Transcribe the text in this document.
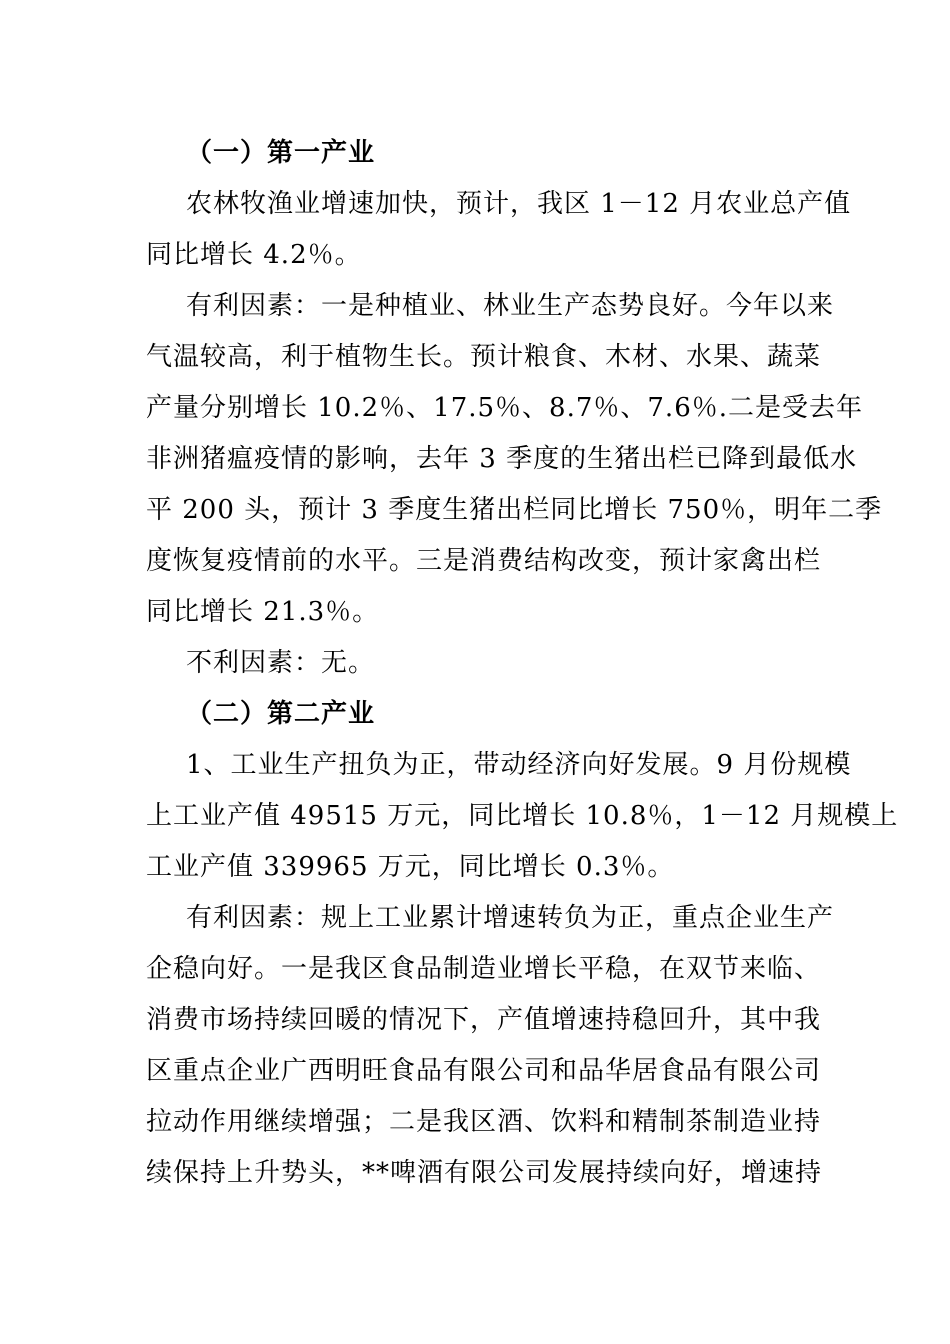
（一）第一产业
农林牧渔业增速加快，预计，我区 1－12 月农业总产值
同比增长 4.2％。
有利因素：一是种植业、林业生产态势良好。今年以来
气温较高，利于植物生长。预计粮食、木材、水果、蔬菜
产量分别增长 10.2％、17.5％、8.7％、7.6％.二是受去年
非洲猪瘟疫情的影响，去年 3 季度的生猪出栏已降到最低水
平 200 头，预计 3 季度生猪出栏同比增长 750％，明年二季
度恢复疫情前的水平。三是消费结构改变，预计家禽出栏
同比增长 21.3％。
不利因素：无。
（二）第二产业
1、工业生产扭负为正，带动经济向好发展。9 月份规模
上工业产值 49515 万元，同比增长 10.8％，1－12 月规模上
工业产值 339965 万元，同比增长 0.3％。
有利因素：规上工业累计增速转负为正，重点企业生产
企稳向好。一是我区食品制造业增长平稳，在双节来临、
消费市场持续回暖的情况下，产值增速持稳回升，其中我
区重点企业广西明旺食品有限公司和品华居食品有限公司
拉动作用继续增强；二是我区酒、饮料和精制茶制造业持
续保持上升势头，**啤酒有限公司发展持续向好，增速持
